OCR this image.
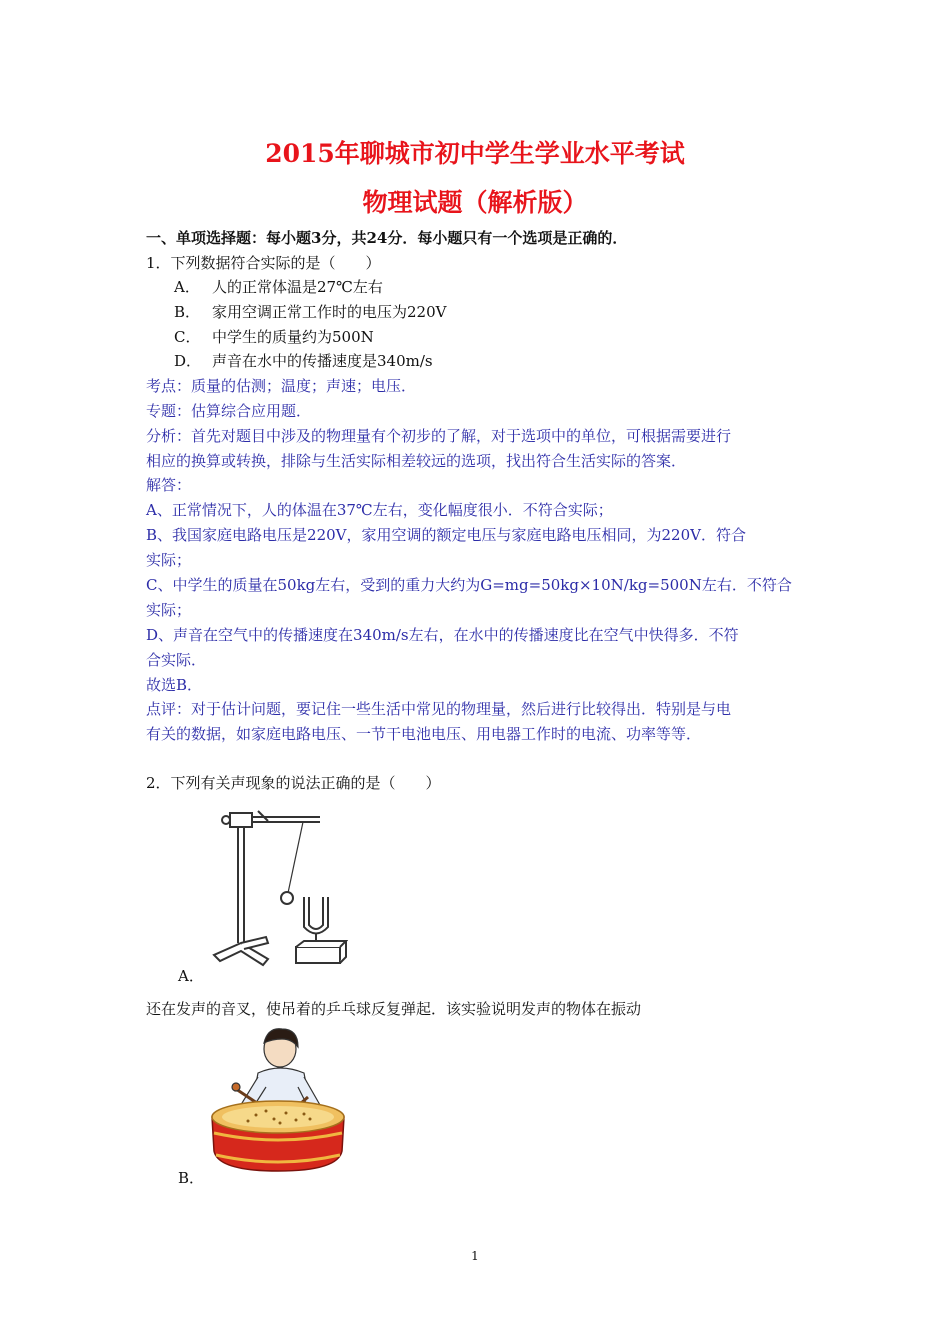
2015年聊城市初中学生学业水平考试
物理试题（解析版）
一、单项选择题：每小题3分，共24分．每小题只有一个选项是正确的．
1．下列数据符合实际的是（　　）
A． 人的正常体温是27℃左右
B． 家用空调正常工作时的电压为220V
C． 中学生的质量约为500N
D． 声音在水中的传播速度是340m/s
考点：质量的估测；温度；声速；电压．
专题：估算综合应用题．
分析：首先对题目中涉及的物理量有个初步的了解，对于选项中的单位，可根据需要进行
相应的换算或转换，排除与生活实际相差较远的选项，找出符合生活实际的答案．
解答：
A、正常情况下，人的体温在37℃左右，变化幅度很小．不符合实际；
B、我国家庭电路电压是220V，家用空调的额定电压与家庭电路电压相同，为220V．符合
实际；
C、中学生的质量在50kg左右，受到的重力大约为G=mg=50kg×10N/kg=500N左右．不符合
实际；
D、声音在空气中的传播速度在340m/s左右，在水中的传播速度比在空气中快得多．不符
合实际．
故选B．
点评：对于估计问题，要记住一些生活中常见的物理量，然后进行比较得出．特别是与电
有关的数据，如家庭电路电压、一节干电池电压、用电器工作时的电流、功率等等．
2．下列有关声现象的说法正确的是（　　）
A．
还在发声的音叉，使吊着的乒乓球反复弹起．该实验说明发声的物体在振动
B．
1
